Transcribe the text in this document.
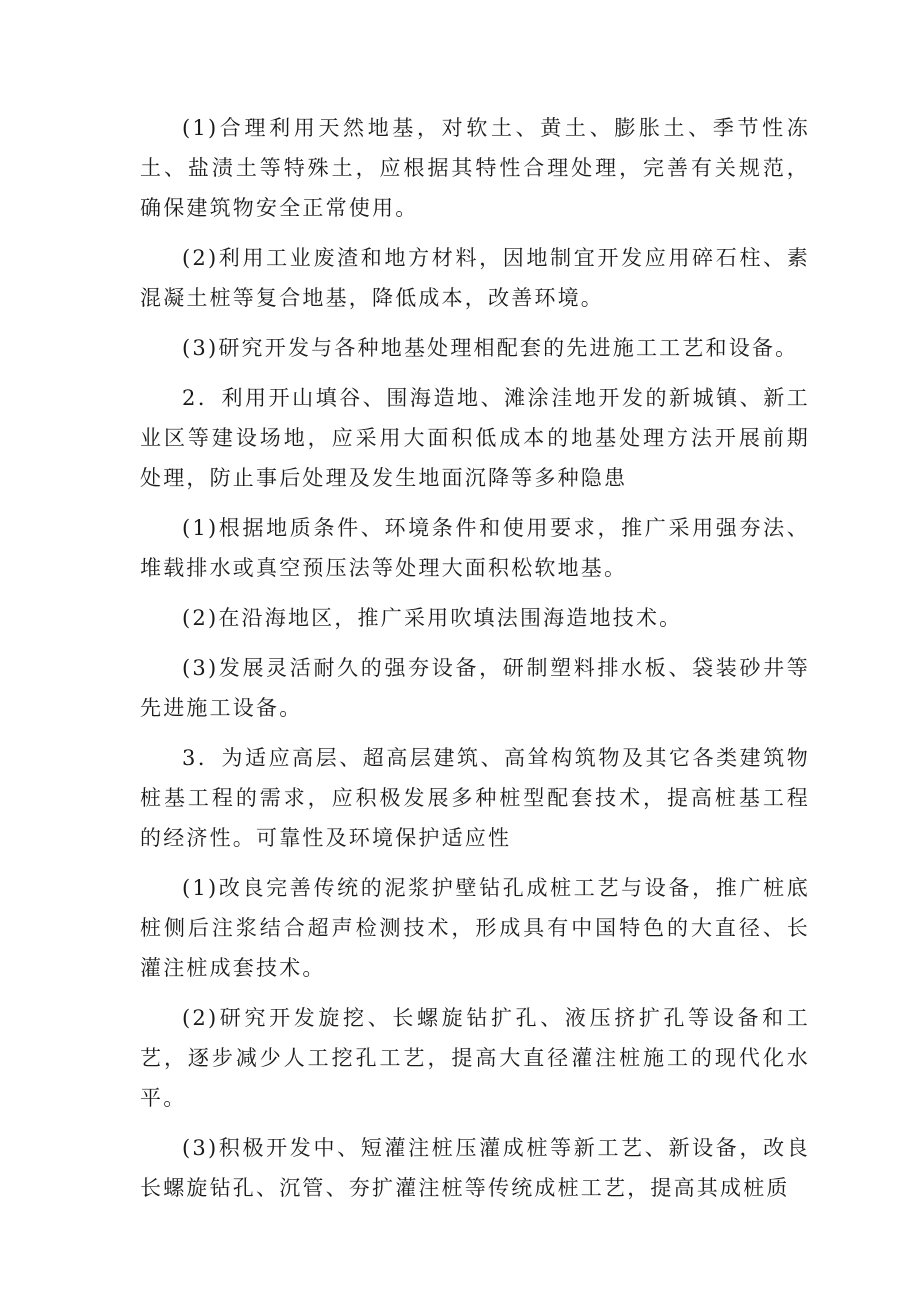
(1)合理利用天然地基，对软土、黄土、膨胀土、季节性冻土、盐渍土等特殊土，应根据其特性合理处理，完善有关规范，确保建筑物安全正常使用。

(2)利用工业废渣和地方材料，因地制宜开发应用碎石柱、素混凝土桩等复合地基，降低成本，改善环境。

(3)研究开发与各种地基处理相配套的先进施工工艺和设备。

2．利用开山填谷、围海造地、滩涂洼地开发的新城镇、新工业区等建设场地，应采用大面积低成本的地基处理方法开展前期处理，防止事后处理及发生地面沉降等多种隐患

(1)根据地质条件、环境条件和使用要求，推广采用强夯法、堆载排水或真空预压法等处理大面积松软地基。

(2)在沿海地区，推广采用吹填法围海造地技术。

(3)发展灵活耐久的强夯设备，研制塑料排水板、袋装砂井等先进施工设备。

3．为适应高层、超高层建筑、高耸构筑物及其它各类建筑物桩基工程的需求，应积极发展多种桩型配套技术，提高桩基工程的经济性。可靠性及环境保护适应性

(1)改良完善传统的泥浆护壁钻孔成桩工艺与设备，推广桩底桩侧后注浆结合超声检测技术，形成具有中国特色的大直径、长灌注桩成套技术。

(2)研究开发旋挖、长螺旋钻扩孔、液压挤扩孔等设备和工艺，逐步减少人工挖孔工艺，提高大直径灌注桩施工的现代化水平。

(3)积极开发中、短灌注桩压灌成桩等新工艺、新设备，改良长螺旋钻孔、沉管、夯扩灌注桩等传统成桩工艺，提高其成桩质
